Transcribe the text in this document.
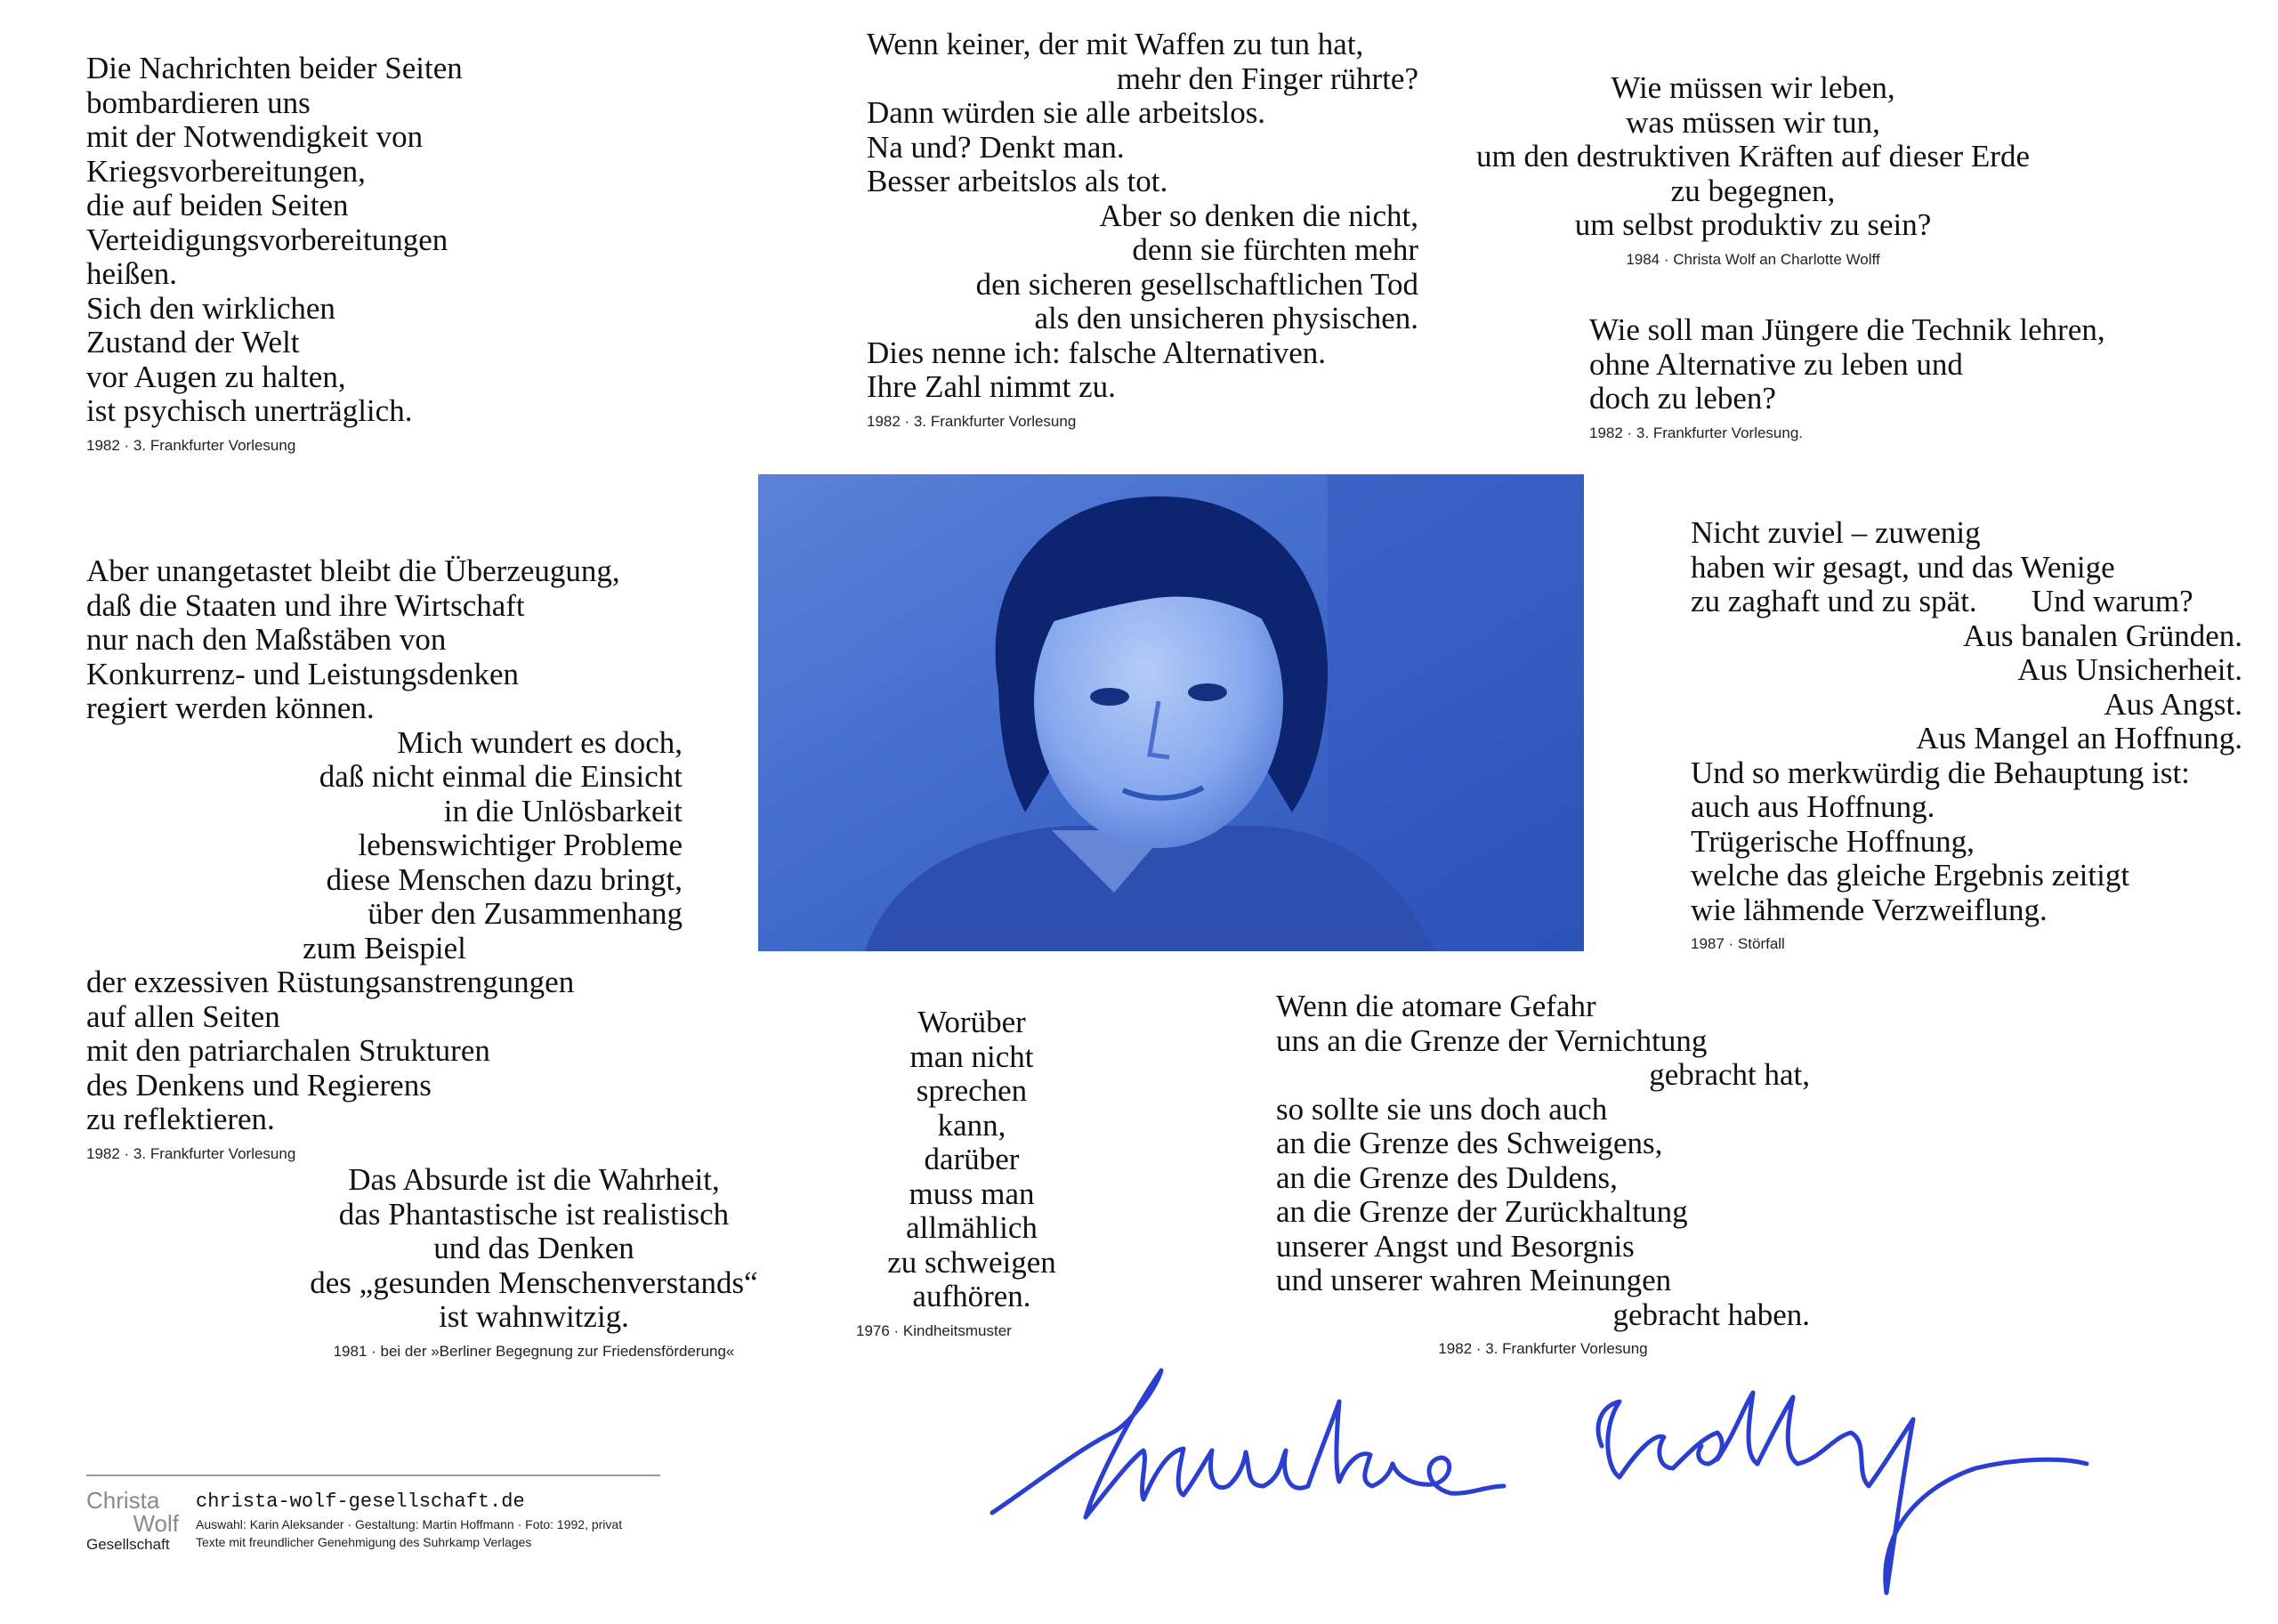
Die Nachrichten beider Seiten
bombardieren uns
mit der Notwendigkeit von
Kriegsvorbereitungen,
die auf beiden Seiten
Verteidigungsvorbereitungen
heißen.
Sich den wirklichen
Zustand der Welt
vor Augen zu halten,
ist psychisch unerträglich.
1982 · 3. Frankfurter Vorlesung
Wenn keiner, der mit Waffen zu tun hat,
mehr den Finger rührte?
Dann würden sie alle arbeitslos.
Na und? Denkt man.
Besser arbeitslos als tot.
Aber so denken die nicht,
denn sie fürchten mehr
den sicheren gesellschaftlichen Tod
als den unsicheren physischen.
Dies nenne ich: falsche Alternativen.
Ihre Zahl nimmt zu.
1982 · 3. Frankfurter Vorlesung
Wie müssen wir leben,
was müssen wir tun,
um den destruktiven Kräften auf dieser Erde
zu begegnen,
um selbst produktiv zu sein?
1984 · Christa Wolf an Charlotte Wolff
Wie soll man Jüngere die Technik lehren,
ohne Alternative zu leben und
doch zu leben?
1982 · 3. Frankfurter Vorlesung.
Nicht zuviel – zuwenig
haben wir gesagt, und das Wenige
zu zaghaft und zu spät.       Und warum?
Aus banalen Gründen.
Aus Unsicherheit.
Aus Angst.
Aus Mangel an Hoffnung.
Und so merkwürdig die Behauptung ist:
auch aus Hoffnung.
Trügerische Hoffnung,
welche das gleiche Ergebnis zeitigt
wie lähmende Verzweiflung.
1987 · Störfall
Aber unangetastet bleibt die Überzeugung,
daß die Staaten und ihre Wirtschaft
nur nach den Maßstäben von
Konkurrenz- und Leistungsdenken
regiert werden können.
Mich wundert es doch,
daß nicht einmal die Einsicht
in die Unlösbarkeit
lebenswichtiger Probleme
diese Menschen dazu bringt,
über den Zusammenhang
zum Beispiel
der exzessiven Rüstungsanstrengungen
auf allen Seiten
mit den patriarchalen Strukturen
des Denkens und Regierens
zu reflektieren.
1982 · 3. Frankfurter Vorlesung
Das Absurde ist die Wahrheit,
das Phantastische ist realistisch
und das Denken
des „gesunden Menschenverstands“
ist wahnwitzig.
1981 · bei der »Berliner Begegnung zur Friedensförderung«
Worüber
man nicht
sprechen
kann,
darüber
muss man
allmählich
zu schweigen
aufhören.
1976 · Kindheitsmuster
Wenn die atomare Gefahr
uns an die Grenze der Vernichtung
gebracht hat,
so sollte sie uns doch auch
an die Grenze des Schweigens,
an die Grenze des Duldens,
an die Grenze der Zurückhaltung
unserer Angst und Besorgnis
und unserer wahren Meinungen
gebracht haben.
1982 · 3. Frankfurter Vorlesung
Christa
Wolf
Gesellschaft
christa-wolf-gesellschaft.de
Auswahl: Karin Aleksander · Gestaltung: Martin Hoffmann · Foto: 1992, privat
Texte mit freundlicher Genehmigung des Suhrkamp Verlages
